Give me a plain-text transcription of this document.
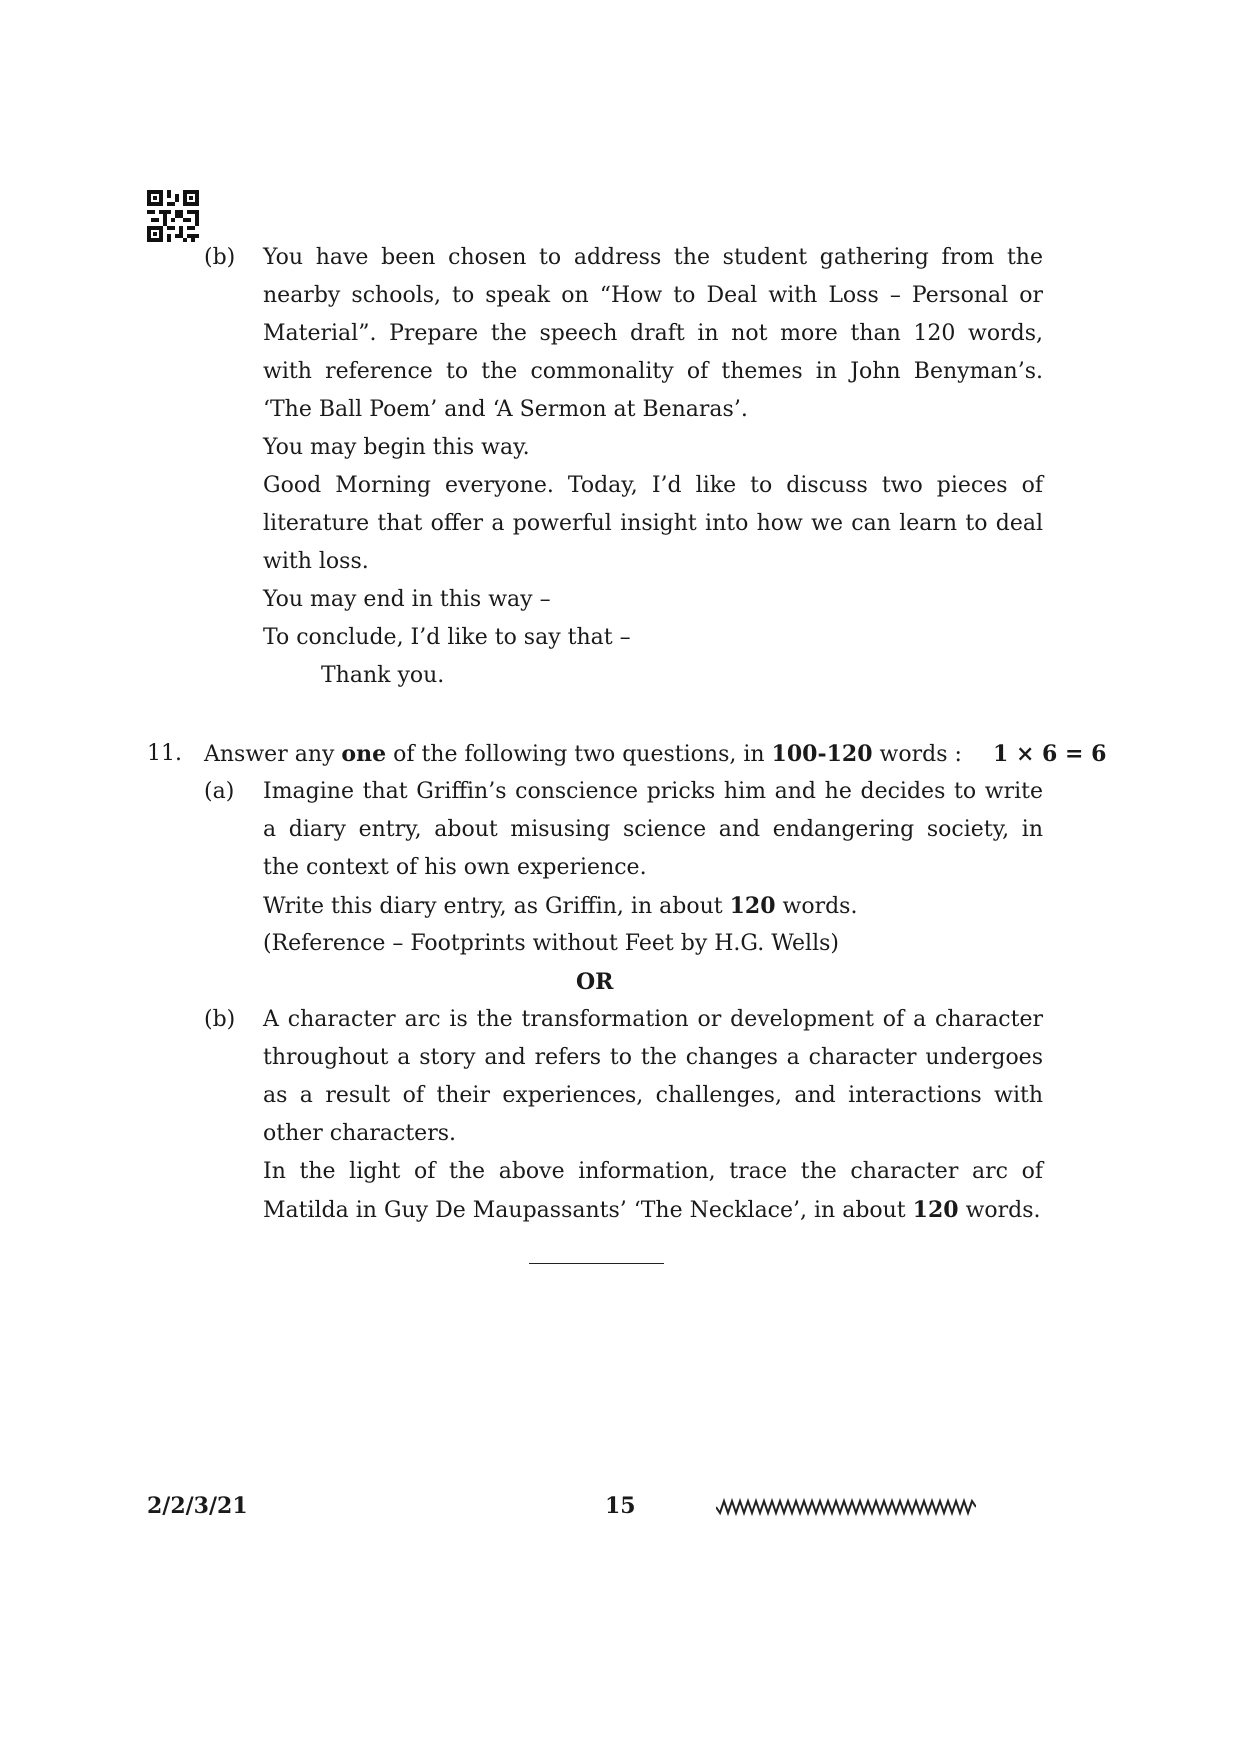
(b) You have been chosen to address the student gathering from the
nearby schools, to speak on “How to Deal with Loss – Personal or
Material”. Prepare the speech draft in not more than 120 words,
with reference to the commonality of themes in John Benyman’s.
‘The Ball Poem’ and ‘A Sermon at Benaras’.
You may begin this way.
Good Morning everyone. Today, I’d like to discuss two pieces of
literature that offer a powerful insight into how we can learn to deal
with loss.
You may end in this way –
To conclude, I’d like to say that –
Thank you.
11. Answer any one of the following two questions, in 100-120 words : 1 × 6 = 6
(a) Imagine that Griffin’s conscience pricks him and he decides to write
a diary entry, about misusing science and endangering society, in
the context of his own experience.
Write this diary entry, as Griffin, in about 120 words.
(Reference – Footprints without Feet by H.G. Wells)
OR
(b) A character arc is the transformation or development of a character
throughout a story and refers to the changes a character undergoes
as a result of their experiences, challenges, and interactions with
other characters.
In the light of the above information, trace the character arc of
Matilda in Guy De Maupassants’ ‘The Necklace’, in about 120 words.
2/2/3/21	15
